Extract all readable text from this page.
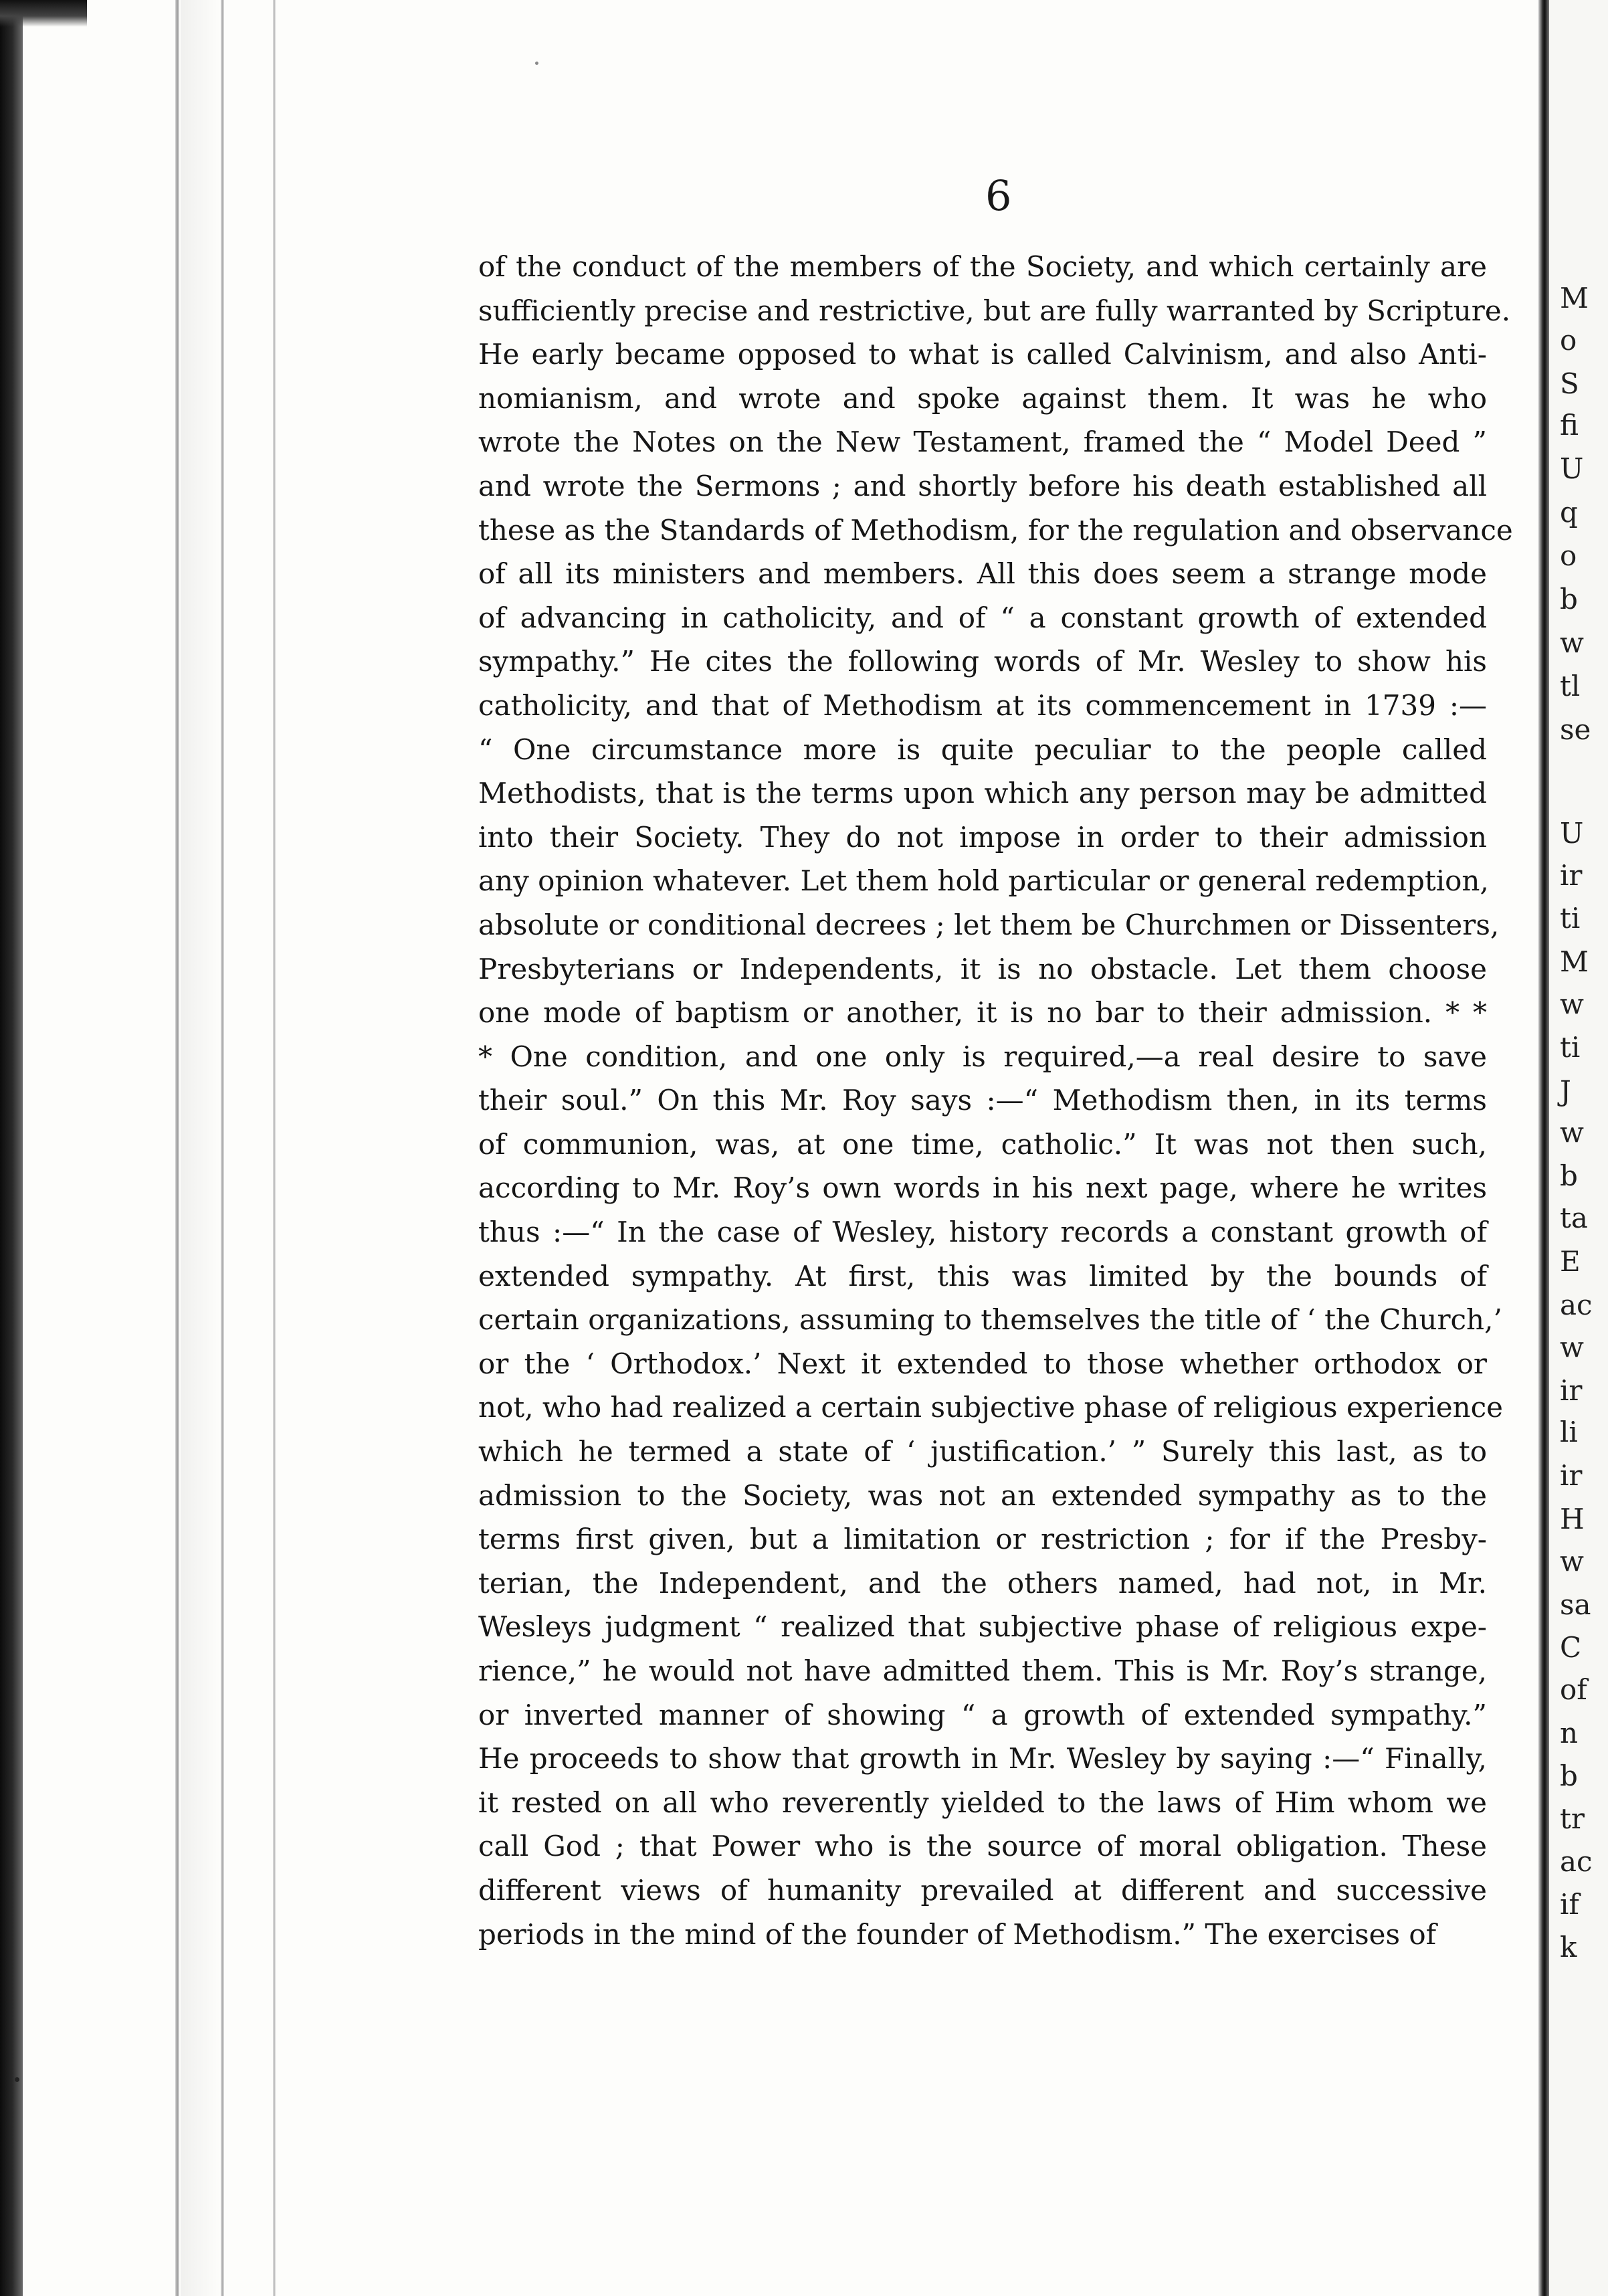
6
of the conduct of the members of the Society, and which certainly are
sufficiently precise and restrictive, but are fully warranted by Scripture.
He early became opposed to what is called Calvinism, and also Anti-
nomianism, and wrote and spoke against them. It was he who
wrote the Notes on the New Testament, framed the “ Model Deed ”
and wrote the Sermons ; and shortly before his death established all
these as the Standards of Methodism, for the regulation and observance
of all its ministers and members. All this does seem a strange mode
of advancing in catholicity, and of “ a constant growth of extended
sympathy.” He cites the following words of Mr. Wesley to show his
catholicity, and that of Methodism at its commencement in 1739 :—
“ One circumstance more is quite peculiar to the people called
Methodists, that is the terms upon which any person may be admitted
into their Society. They do not impose in order to their admission
any opinion whatever. Let them hold particular or general redemption,
absolute or conditional decrees ; let them be Churchmen or Dissenters,
Presbyterians or Independents, it is no obstacle. Let them choose
one mode of baptism or another, it is no bar to their admission. * *
* One condition, and one only is required,—a real desire to save
their soul.” On this Mr. Roy says :—“ Methodism then, in its terms
of communion, was, at one time, catholic.” It was not then such,
according to Mr. Roy’s own words in his next page, where he writes
thus :—“ In the case of Wesley, history records a constant growth of
extended sympathy. At first, this was limited by the bounds of
certain organizations, assuming to themselves the title of ‘ the Church,’
or the ‘ Orthodox.’ Next it extended to those whether orthodox or
not, who had realized a certain subjective phase of religious experience
which he termed a state of ‘ justification.’ ” Surely this last, as to
admission to the Society, was not an extended sympathy as to the
terms first given, but a limitation or restriction ; for if the Presby-
terian, the Independent, and the others named, had not, in Mr.
Wesleys judgment “ realized that subjective phase of religious expe-
rience,” he would not have admitted them. This is Mr. Roy’s strange,
or inverted manner of showing “ a growth of extended sympathy.”
He proceeds to show that growth in Mr. Wesley by saying :—“ Finally,
it rested on all who reverently yielded to the laws of Him whom we
call God ; that Power who is the source of moral obligation. These
different views of humanity prevailed at different and successive
periods in the mind of the founder of Methodism.” The exercises of
M
o
S
fi
U
q
o
b
w
tl
se
U
ir
ti
M
w
ti
J
w
b
ta
E
ac
w
ir
li
ir
H
w
sa
C
of
n
b
tr
ac
if
k
